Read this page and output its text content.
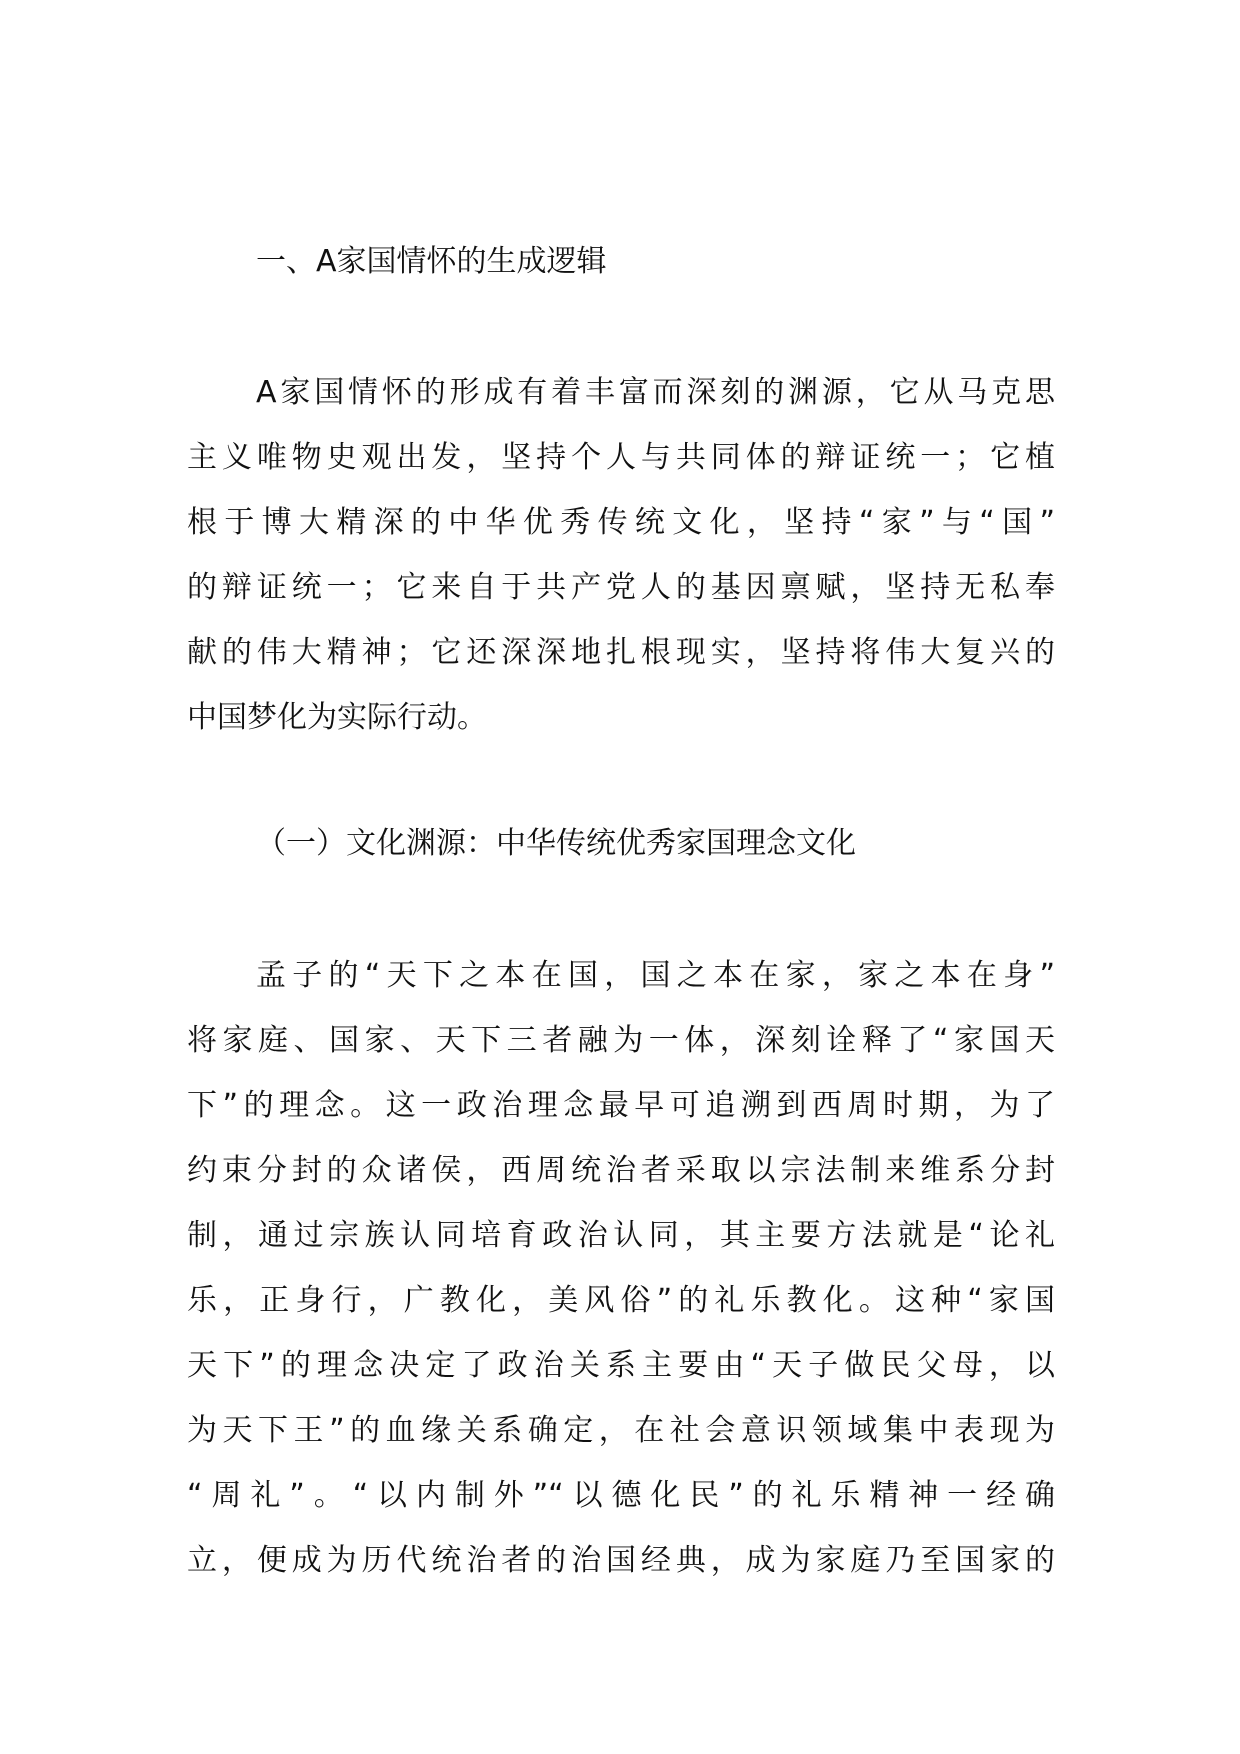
一、A家国情怀的生成逻辑
A家国情怀的形成有着丰富而深刻的渊源，它从马克思
主义唯物史观出发，坚持个人与共同体的辩证统一；它植
根于博大精深的中华优秀传统文化，坚持“家”与“国”
的辩证统一；它来自于共产党人的基因禀赋，坚持无私奉
献的伟大精神；它还深深地扎根现实，坚持将伟大复兴的
中国梦化为实际行动。
（一）文化渊源：中华传统优秀家国理念文化
孟子的“天下之本在国，国之本在家，家之本在身”
将家庭、国家、天下三者融为一体，深刻诠释了“家国天
下”的理念。这一政治理念最早可追溯到西周时期，为了
约束分封的众诸侯，西周统治者采取以宗法制来维系分封
制，通过宗族认同培育政治认同，其主要方法就是“论礼
乐，正身行，广教化，美风俗”的礼乐教化。这种“家国
天下”的理念决定了政治关系主要由“天子做民父母，以
为天下王”的血缘关系确定，在社会意识领域集中表现为
“周礼”。“以内制外”“以德化民”的礼乐精神一经确
立，便成为历代统治者的治国经典，成为家庭乃至国家的
